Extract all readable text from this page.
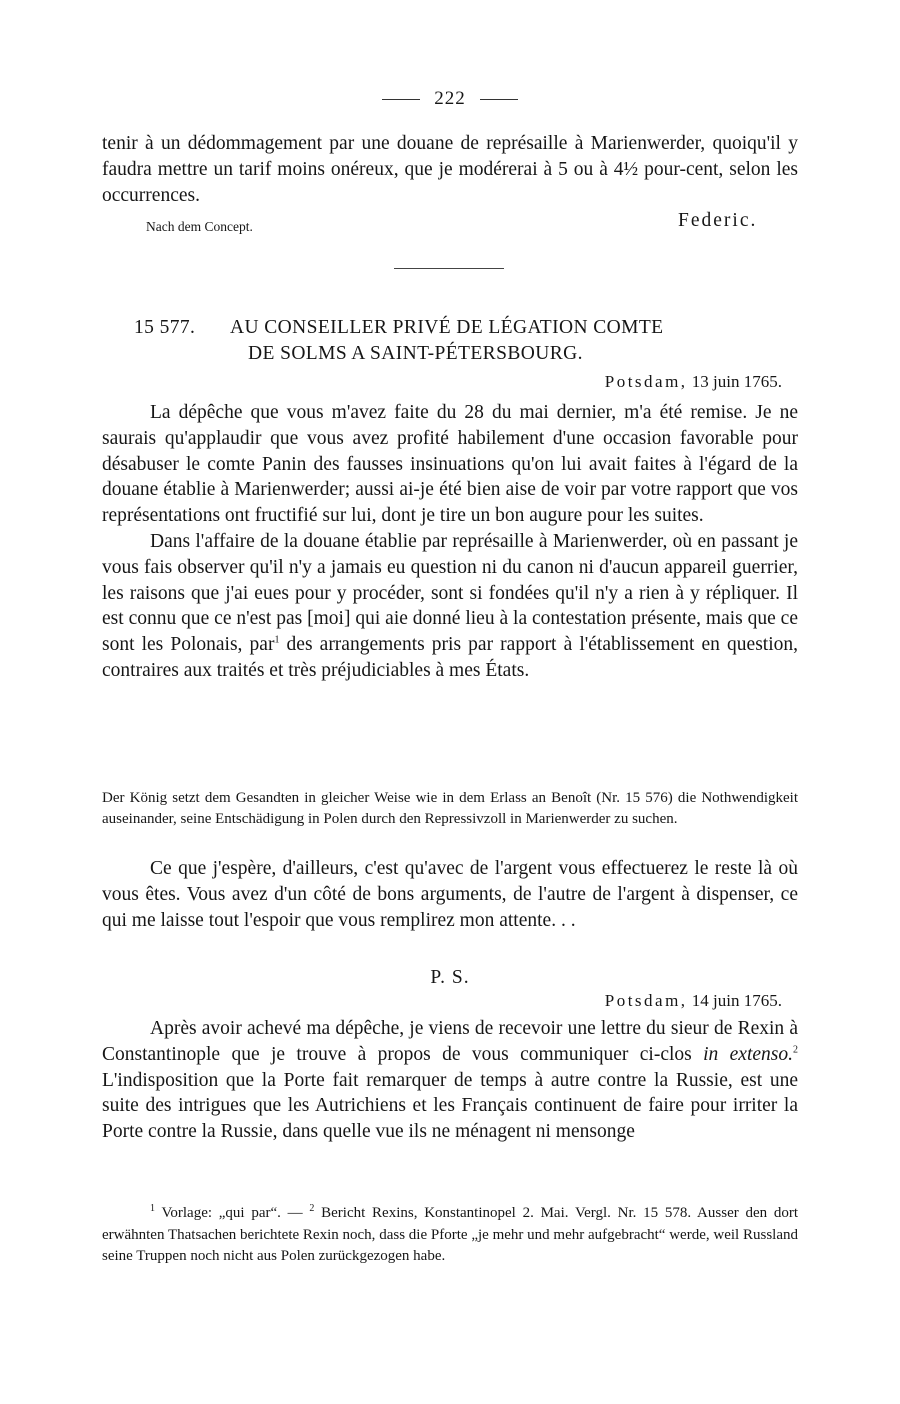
222

tenir à un dédommagement par une douane de représaille à Marienwerder, quoiqu'il y faudra mettre un tarif moins onéreux, que je modérerai à 5 ou à 4½ pour-cent, selon les occurrences.

Nach dem Concept.	Federic.
15 577. AU CONSEILLER PRIVÉ DE LÉGATION COMTE
DE SOLMS A SAINT-PÉTERSBOURG.
Potsdam, 13 juin 1765.

La dépêche que vous m'avez faite du 28 du mai dernier, m'a été remise. Je ne saurais qu'applaudir que vous avez profité habilement d'une occasion favorable pour désabuser le comte Panin des fausses insinuations qu'on lui avait faites à l'égard de la douane établie à Marienwerder; aussi ai-je été bien aise de voir par votre rapport que vos représentations ont fructifié sur lui, dont je tire un bon augure pour les suites.

Dans l'affaire de la douane établie par représaille à Marienwerder, où en passant je vous fais observer qu'il n'y a jamais eu question ni du canon ni d'aucun appareil guerrier, les raisons que j'ai eues pour y procéder, sont si fondées qu'il n'y a rien à y répliquer. Il est connu que ce n'est pas [moi] qui aie donné lieu à la contestation présente, mais que ce sont les Polonais, par$^1$ des arrangements pris par rapport à l'établissement en question, contraires aux traités et très préjudiciables à mes États.

Der König setzt dem Gesandten in gleicher Weise wie in dem Erlass an Benoît (Nr. 15 576) die Nothwendigkeit auseinander, seine Entschädigung in Polen durch den Repressivzoll in Marienwerder zu suchen.

Ce que j'espère, d'ailleurs, c'est qu'avec de l'argent vous effectuerez le reste là où vous êtes. Vous avez d'un côté de bons arguments, de l'autre de l'argent à dispenser, ce qui me laisse tout l'espoir que vous remplirez mon attente. . .

P. S.
Potsdam, 14 juin 1765.

Après avoir achevé ma dépêche, je viens de recevoir une lettre du sieur de Rexin à Constantinople que je trouve à propos de vous communiquer ci-clos in extenso.$^2$ L'indisposition que la Porte fait remarquer de temps à autre contre la Russie, est une suite des intrigues que les Autrichiens et les Français continuent de faire pour irriter la Porte contre la Russie, dans quelle vue ils ne ménagent ni mensonge

$^1$ Vorlage: „qui par“. — $^2$ Bericht Rexins, Konstantinopel 2. Mai. Vergl. Nr. 15 578. Ausser den dort erwähnten Thatsachen berichtete Rexin noch, dass die Pforte „je mehr und mehr aufgebracht“ werde, weil Russland seine Truppen noch nicht aus Polen zurückgezogen habe.
